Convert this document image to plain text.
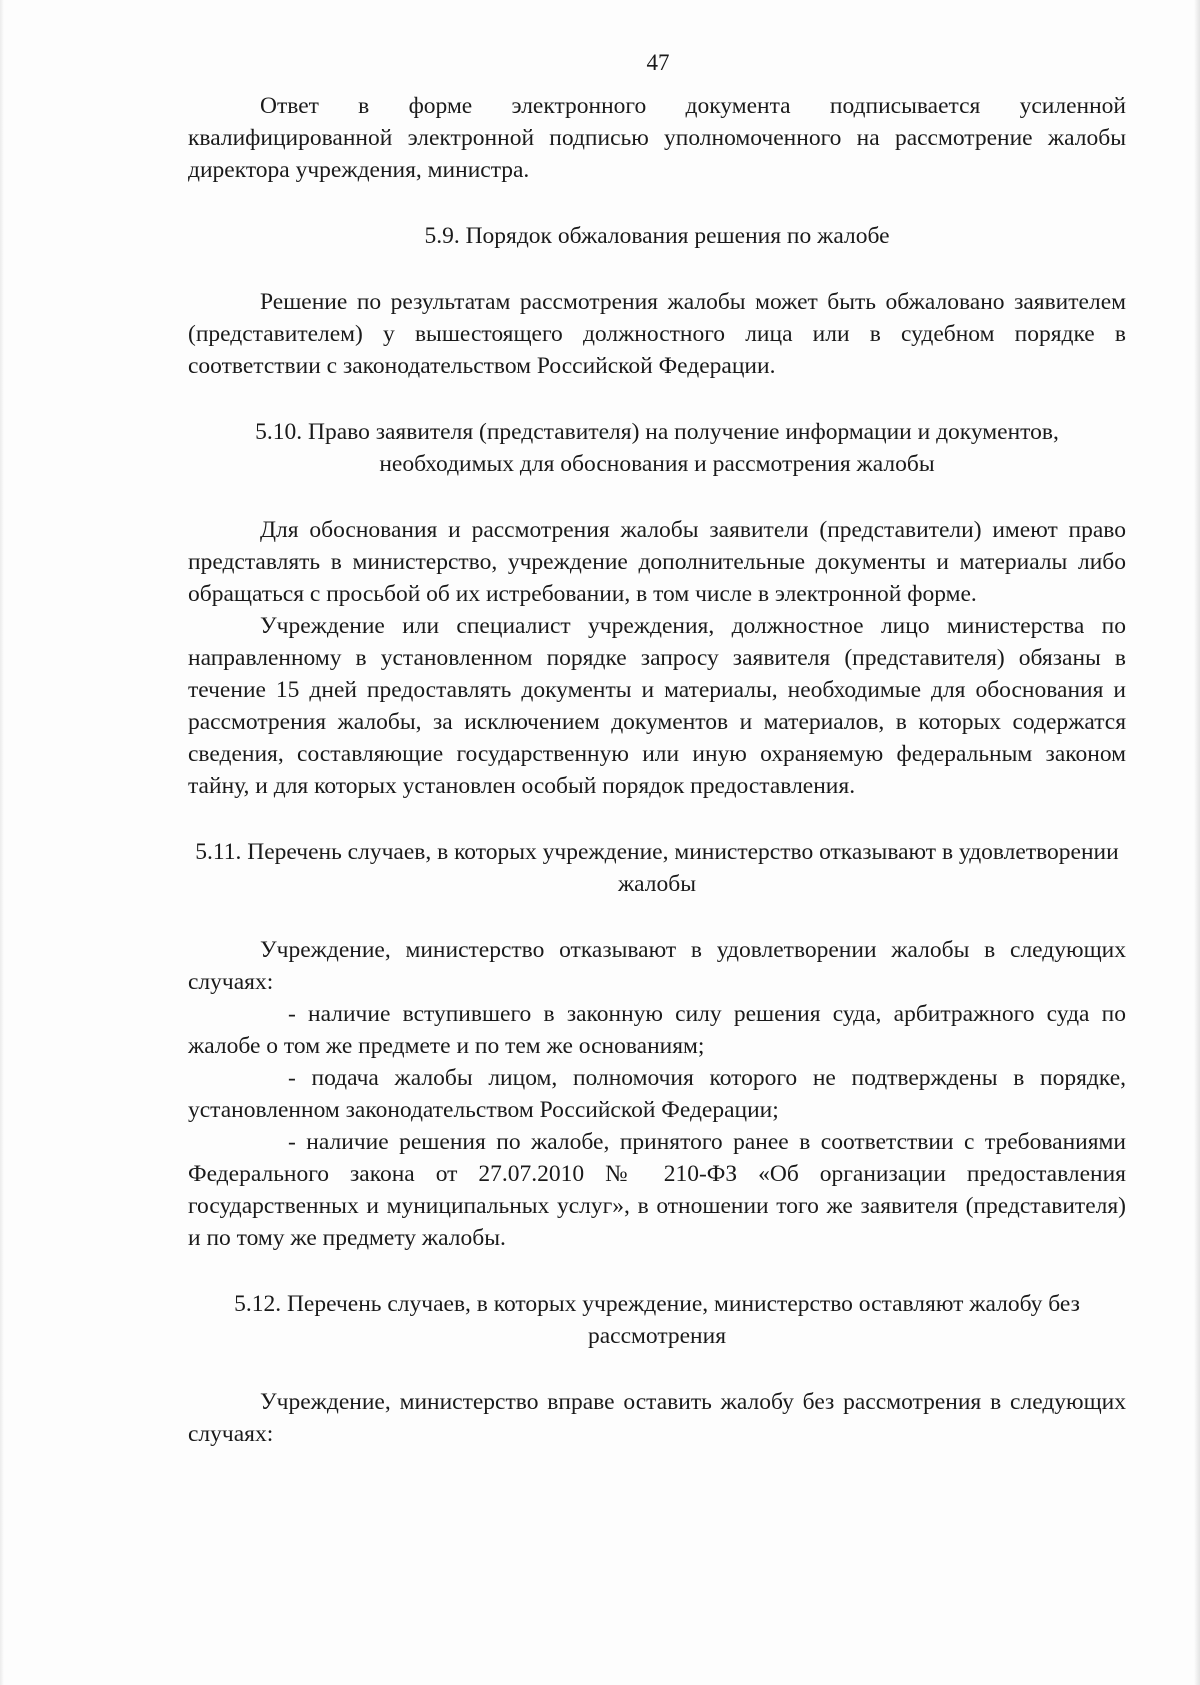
47

Ответ в форме электронного документа подписывается усиленной квалифицированной электронной подписью уполномоченного на рассмотрение жалобы директора учреждения, министра.

5.9. Порядок обжалования решения по жалобе

Решение по результатам рассмотрения жалобы может быть обжаловано заявителем (представителем) у вышестоящего должностного лица или в судебном порядке в соответствии с законодательством Российской Федерации.

5.10. Право заявителя (представителя) на получение информации и документов, необходимых для обоснования и рассмотрения жалобы

Для обоснования и рассмотрения жалобы заявители (представители) имеют право представлять в министерство, учреждение дополнительные документы и материалы либо обращаться с просьбой об их истребовании, в том числе в электронной форме.

Учреждение или специалист учреждения, должностное лицо министерства по направленному в установленном порядке запросу заявителя (представителя) обязаны в течение 15 дней предоставлять документы и материалы, необходимые для обоснования и рассмотрения жалобы, за исключением документов и материалов, в которых содержатся сведения, составляющие государственную или иную охраняемую федеральным законом тайну, и для которых установлен особый порядок предоставления.

5.11. Перечень случаев, в которых учреждение, министерство отказывают в удовлетворении жалобы

Учреждение, министерство отказывают в удовлетворении жалобы в следующих случаях:

- наличие вступившего в законную силу решения суда, арбитражного суда по жалобе о том же предмете и по тем же основаниям;

- подача жалобы лицом, полномочия которого не подтверждены в порядке, установленном законодательством Российской Федерации;

- наличие решения по жалобе, принятого ранее в соответствии с требованиями Федерального закона от 27.07.2010 № 210-ФЗ «Об организации предоставления государственных и муниципальных услуг», в отношении того же заявителя (представителя) и по тому же предмету жалобы.

5.12. Перечень случаев, в которых учреждение, министерство оставляют жалобу без рассмотрения

Учреждение, министерство вправе оставить жалобу без рассмотрения в следующих случаях:
